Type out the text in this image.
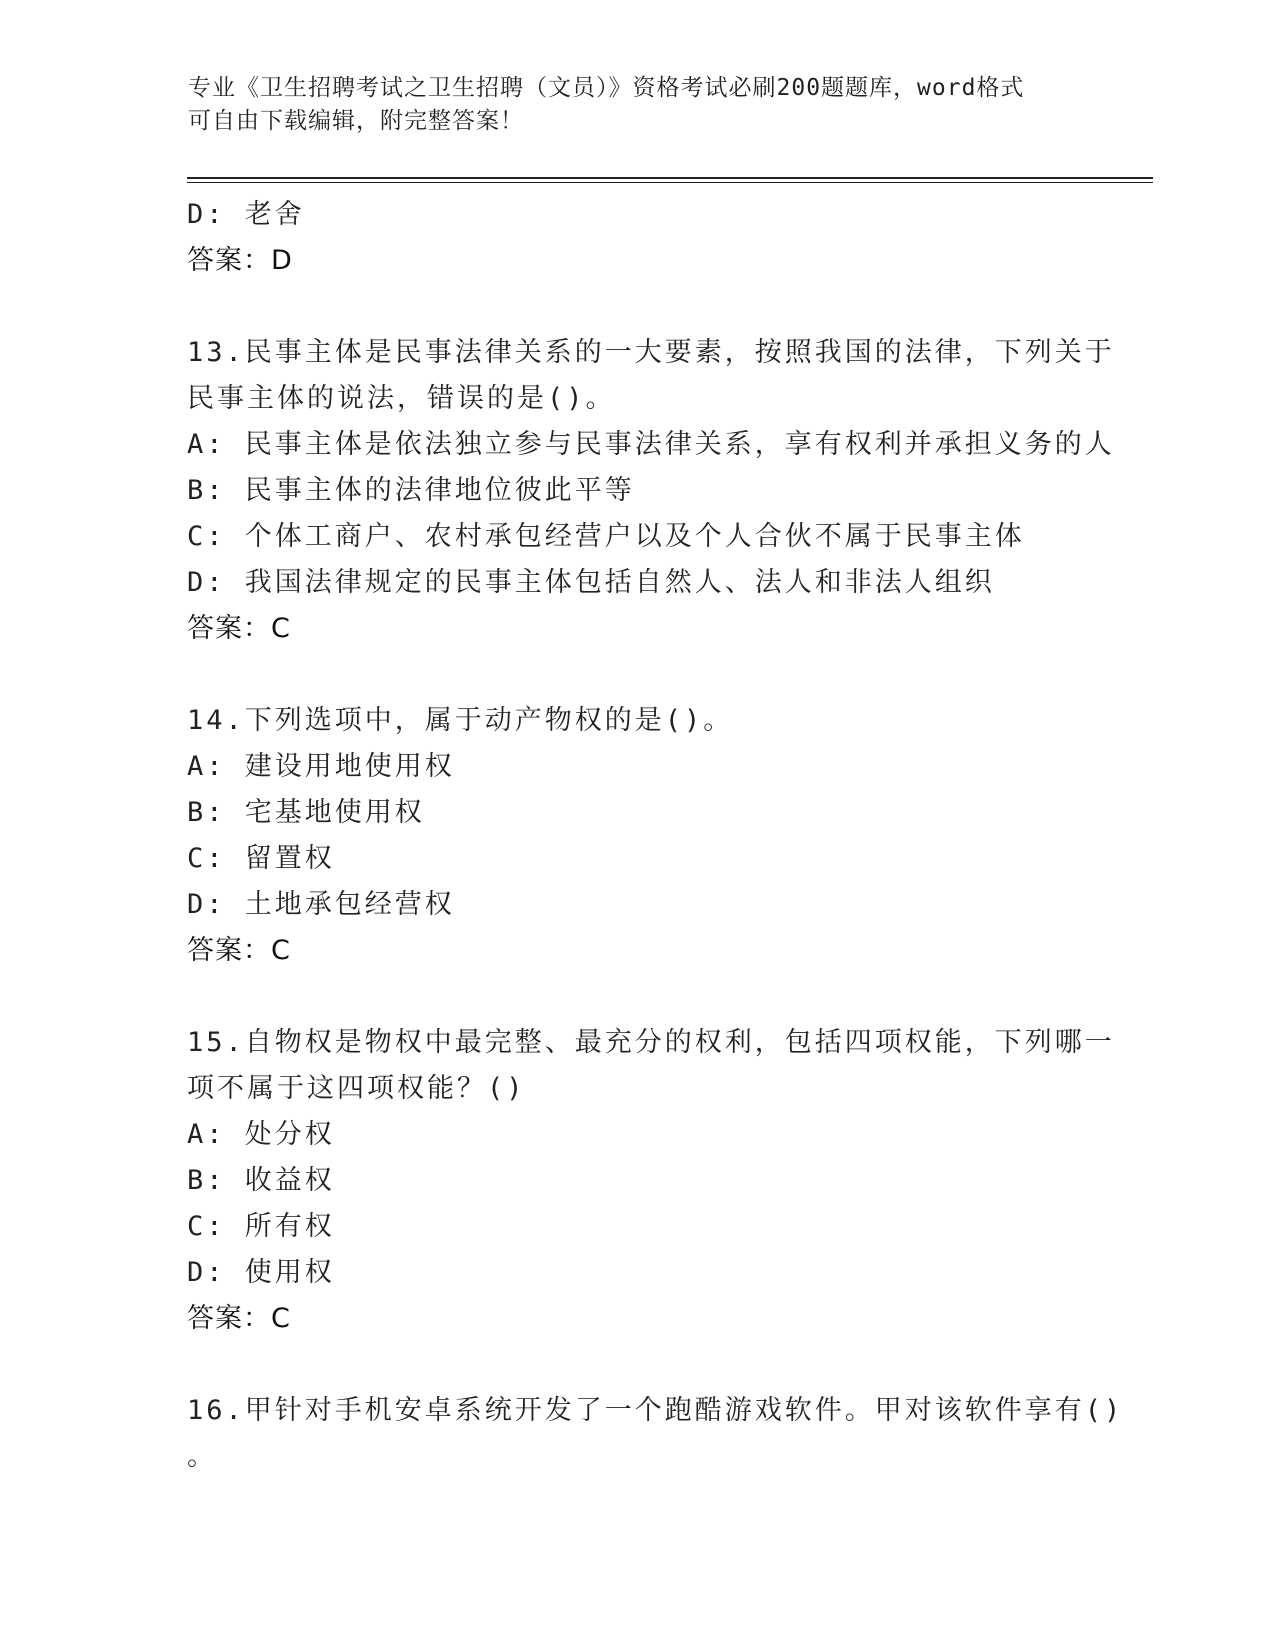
专业《卫生招聘考试之卫生招聘（文员）》资格考试必刷200题题库，word格式
可自由下载编辑，附完整答案！
D: 老舍
答案：D
13.民事主体是民事法律关系的一大要素，按照我国的法律，下列关于
民事主体的说法，错误的是()。
A: 民事主体是依法独立参与民事法律关系，享有权利并承担义务的人
B: 民事主体的法律地位彼此平等
C: 个体工商户、农村承包经营户以及个人合伙不属于民事主体
D: 我国法律规定的民事主体包括自然人、法人和非法人组织
答案：C
14.下列选项中，属于动产物权的是()。
A: 建设用地使用权
B: 宅基地使用权
C: 留置权
D: 土地承包经营权
答案：C
15.自物权是物权中最完整、最充分的权利，包括四项权能，下列哪一
项不属于这四项权能？()
A: 处分权
B: 收益权
C: 所有权
D: 使用权
答案：C
16.甲针对手机安卓系统开发了一个跑酷游戏软件。甲对该软件享有()
。
